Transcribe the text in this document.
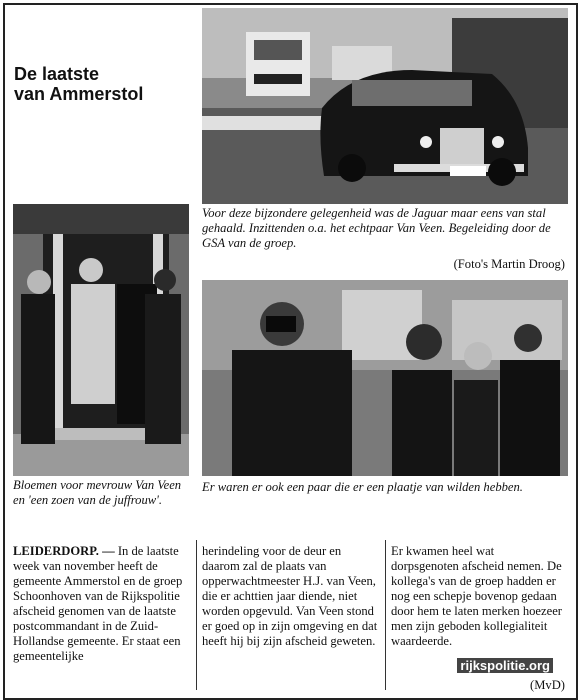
De laatste
van Ammerstol
Voor deze bijzondere gelegenheid was de Jaguar maar eens van stal gehaald. Inzittenden o.a. het echtpaar Van Veen. Begeleiding door de GSA van de groep.
(Foto's Martin Droog)
Bloemen voor mevrouw Van Veen en 'een zoen van de juffrouw'.
Er waren er ook een paar die er een plaatje van wilden hebben.
LEIDERDORP. — In de laatste week van november heeft de gemeente Ammerstol en de groep Schoonhoven van de Rijkspolitie afscheid genomen van de laatste postcommandant in de Zuid-Hollandse gemeente. Er staat een gemeentelijke
herindeling voor de deur en daarom zal de plaats van opperwachtmeester H.J. van Veen, die er achttien jaar diende, niet worden opgevuld. Van Veen stond er goed op in zijn omgeving en dat heeft hij bij zijn afscheid geweten.
Er kwamen heel wat dorpsgenoten afscheid nemen. De kollega's van de groep hadden er nog een schepje bovenop gedaan door hem te laten merken hoezeer men zijn geboden kollegialiteit waardeerde.
rijkspolitie.org
(MvD)
